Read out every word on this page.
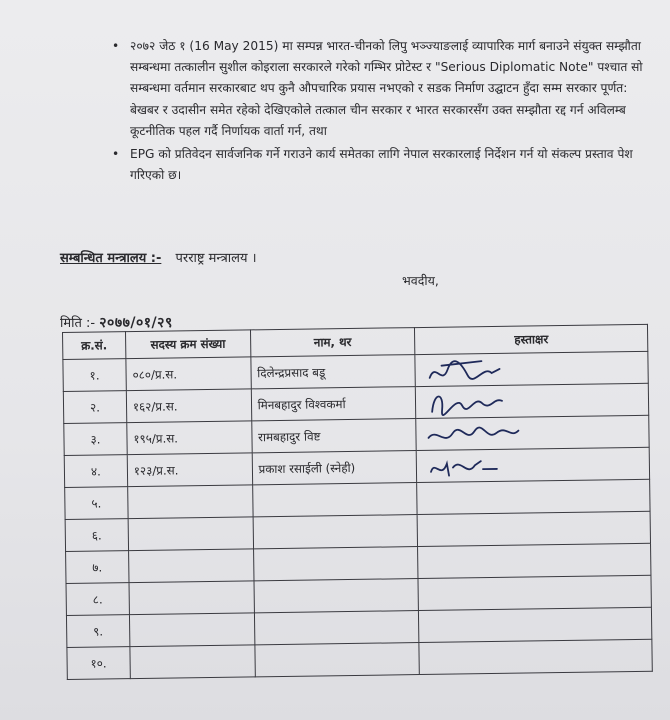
• २०७२ जेठ १ (16 May 2015) मा सम्पन्न भारत-चीनको लिपु भञ्ज्याङलाई व्यापारिक मार्ग बनाउने संयुक्त सम्झौता सम्बन्धमा तत्कालीन सुशील कोइराला सरकारले गरेको गम्भिर प्रोटेस्ट र "Serious Diplomatic Note" पश्चात सो सम्बन्धमा वर्तमान सरकारबाट थप कुनै औपचारिक प्रयास नभएको र सडक निर्माण उद्घाटन हुँदा सम्म सरकार पूर्णत: बेखबर र उदासीन समेत रहेको देखिएकोले तत्काल चीन सरकार र भारत सरकारसँग उक्त सम्झौता रद्द गर्न अविलम्ब कूटनीतिक पहल गर्दै निर्णायक वार्ता गर्न, तथा
• EPG को प्रतिवेदन सार्वजनिक गर्ने गराउने कार्य समेतका लागि नेपाल सरकारलाई निर्देशन गर्न यो संकल्प प्रस्ताव पेश गरिएको छ।
सम्बन्धित मन्त्रालय :- परराष्ट्र मन्त्रालय ।
भवदीय,
मिति :- २०७७/०१/२९
क्र.सं.	सदस्य क्रम संख्या	नाम, थर	हस्ताक्षर
१.	०८०/प्र.स.	दिलेन्द्रप्रसाद बडू	

२.	१६२/प्र.स.	मिनबहादुर विश्वकर्मा	

३.	१९५/प्र.स.	रामबहादुर विष्ट	

४.	१२३/प्र.स.	प्रकाश रसाईली (स्नेही)	

५.			
६.			
७.			
८.			
९.			
१०.			
